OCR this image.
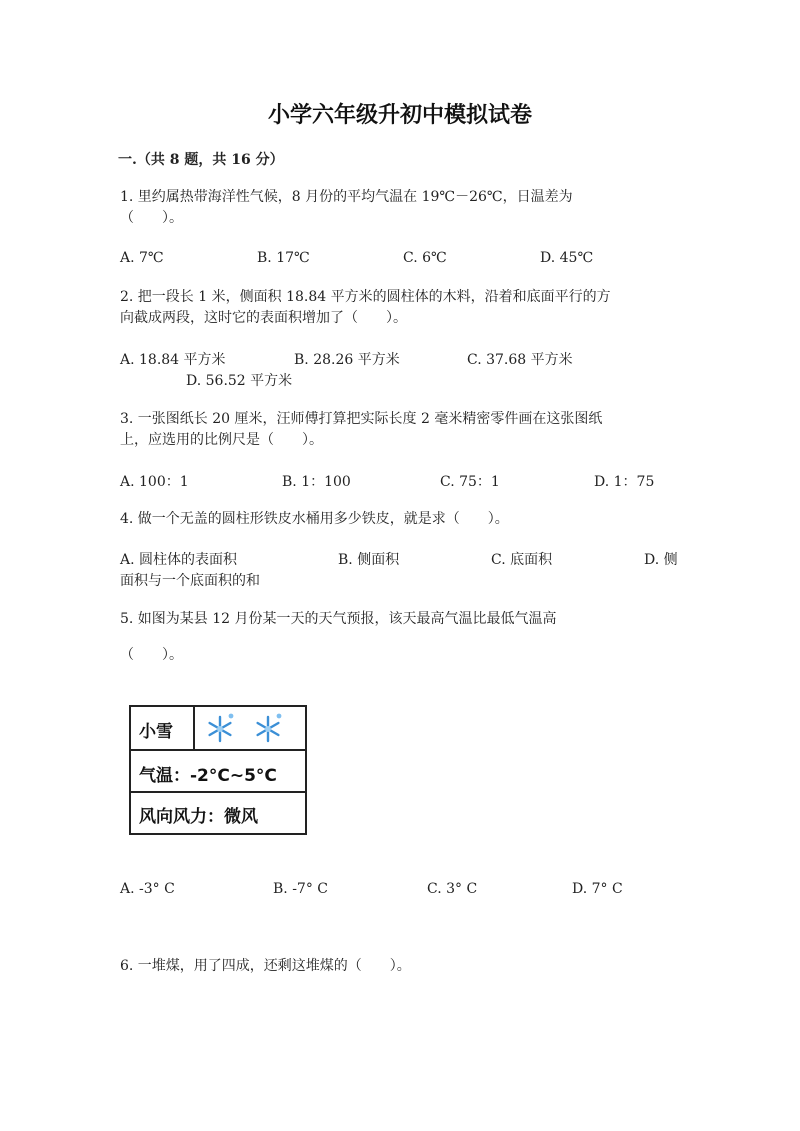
小学六年级升初中模拟试卷
一.（共 8 题，共 16 分）
1. 里约属热带海洋性气候，8 月份的平均气温在 19℃－26℃，日温差为
（　　）。
A. 7℃	B. 17℃	C. 6℃	D. 45℃
2. 把一段长 1 米，侧面积 18.84 平方米的圆柱体的木料，沿着和底面平行的方
向截成两段，这时它的表面积增加了（　　）。
A. 18.84 平方米	B. 28.26 平方米	C. 37.68 平方米
D. 56.52 平方米
3. 一张图纸长 20 厘米，汪师傅打算把实际长度 2 毫米精密零件画在这张图纸
上，应选用的比例尺是（　　）。
A. 100：1	B. 1：100	C. 75：1	D. 1：75
4. 做一个无盖的圆柱形铁皮水桶用多少铁皮，就是求（　　）。
A. 圆柱体的表面积	B. 侧面积	C. 底面积	D. 侧
面积与一个底面积的和
5. 如图为某县 12 月份某一天的天气预报，该天最高气温比最低气温高
（　　）。
小雪
气温：-2°C~5°C
风向风力：微风
A. -3° C	B. -7° C	C. 3° C	D. 7° C
6. 一堆煤，用了四成，还剩这堆煤的（　　）。
